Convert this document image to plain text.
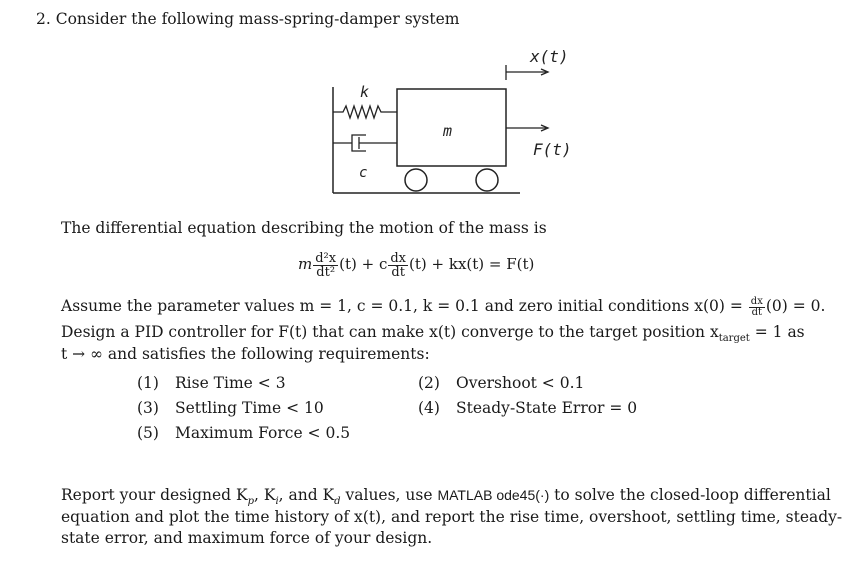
2. Consider the following mass-spring-damper system
x(t)
F(t)
k
c
m
The differential equation describing the motion of the mass is
m $\frac{\text{d²x}}{\text{dt²}} (t) + c \frac{dx}{dt} (t) + kx(t) = F(t)$
Assume the parameter values m = 1, c = 0.1, k = 0.1 and zero initial conditions $x(0) = \frac{dx}{dt} (0) = 0$.
Design a PID controller for F(t) that can make x(t) converge to the target position $x_{target} = 1$ as
t → ∞ and satisfies the following requirements:
(1) Rise Time < 3	(2) Overshoot < 0.1
(3) Settling Time < 10	(4) Steady-State Error = 0
(5) Maximum Force < 0.5
Report your designed $K_p$, $K_i$, and $K_d$ values, use MATLAB ode45(·) to solve the closed-loop differential
equation and plot the time history of x(t), and report the rise time, overshoot, settling time, steady-
state error, and maximum force of your design.
